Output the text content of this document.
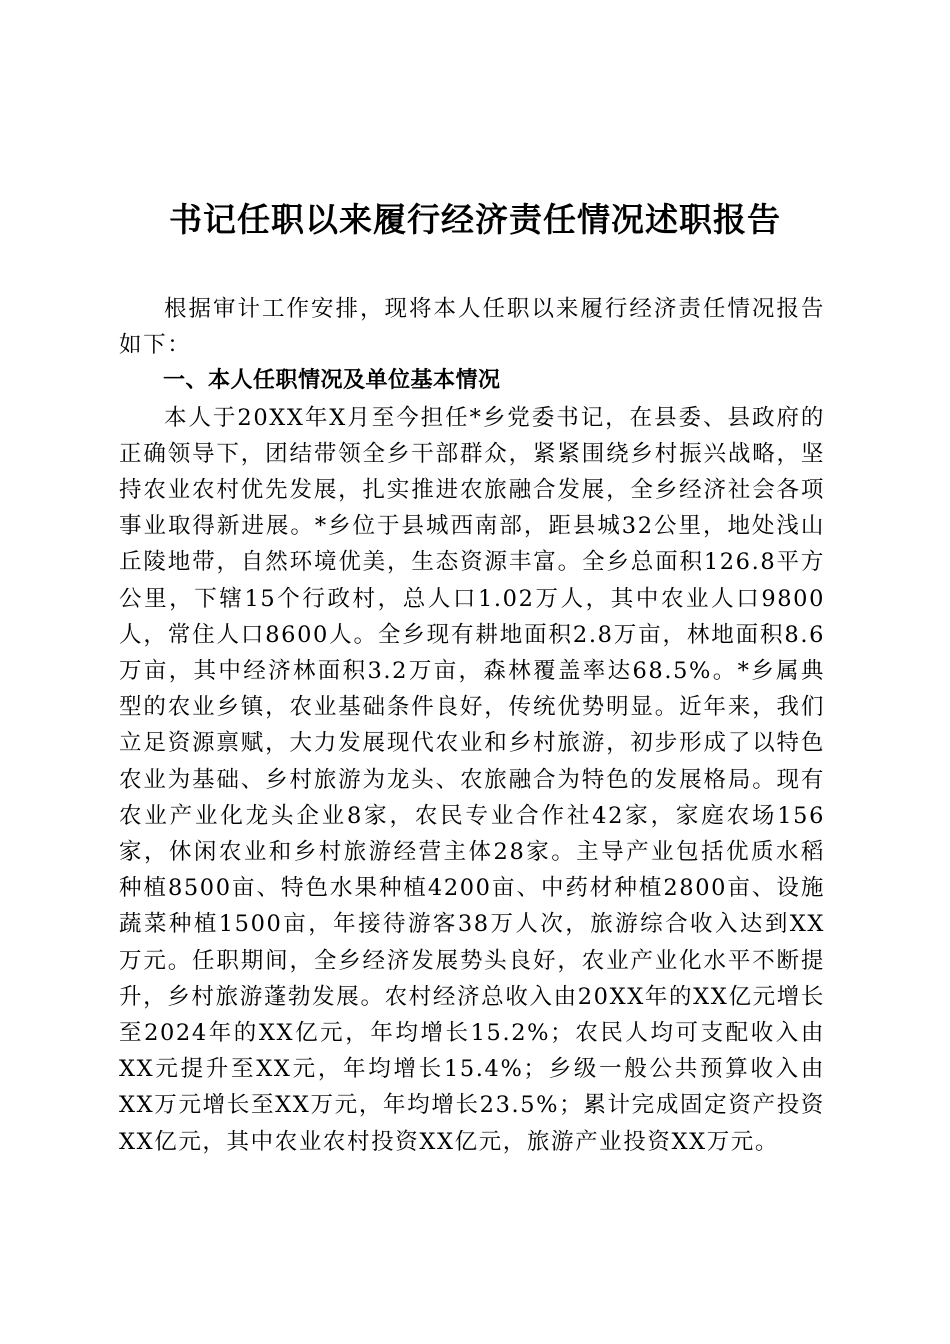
书记任职以来履行经济责任情况述职报告

根据审计工作安排，现将本人任职以来履行经济责任情况报告如下：

一、本人任职情况及单位基本情况

本人于20XX年X月至今担任*乡党委书记，在县委、县政府的正确领导下，团结带领全乡干部群众，紧紧围绕乡村振兴战略，坚持农业农村优先发展，扎实推进农旅融合发展，全乡经济社会各项事业取得新进展。*乡位于县城西南部，距县城32公里，地处浅山丘陵地带，自然环境优美，生态资源丰富。全乡总面积126.8平方公里，下辖15个行政村，总人口1.02万人，其中农业人口9800人，常住人口8600人。全乡现有耕地面积2.8万亩，林地面积8.6万亩，其中经济林面积3.2万亩，森林覆盖率达68.5%。*乡属典型的农业乡镇，农业基础条件良好，传统优势明显。近年来，我们立足资源禀赋，大力发展现代农业和乡村旅游，初步形成了以特色农业为基础、乡村旅游为龙头、农旅融合为特色的发展格局。现有农业产业化龙头企业8家，农民专业合作社42家，家庭农场156家，休闲农业和乡村旅游经营主体28家。主导产业包括优质水稻种植8500亩、特色水果种植4200亩、中药材种植2800亩、设施蔬菜种植1500亩，年接待游客38万人次，旅游综合收入达到XX万元。任职期间，全乡经济发展势头良好，农业产业化水平不断提升，乡村旅游蓬勃发展。农村经济总收入由20XX年的XX亿元增长至2024年的XX亿元，年均增长15.2%；农民人均可支配收入由XX元提升至XX元，年均增长15.4%；乡级一般公共预算收入由XX万元增长至XX万元，年均增长23.5%；累计完成固定资产投资XX亿元，其中农业农村投资XX亿元，旅游产业投资XX万元。
